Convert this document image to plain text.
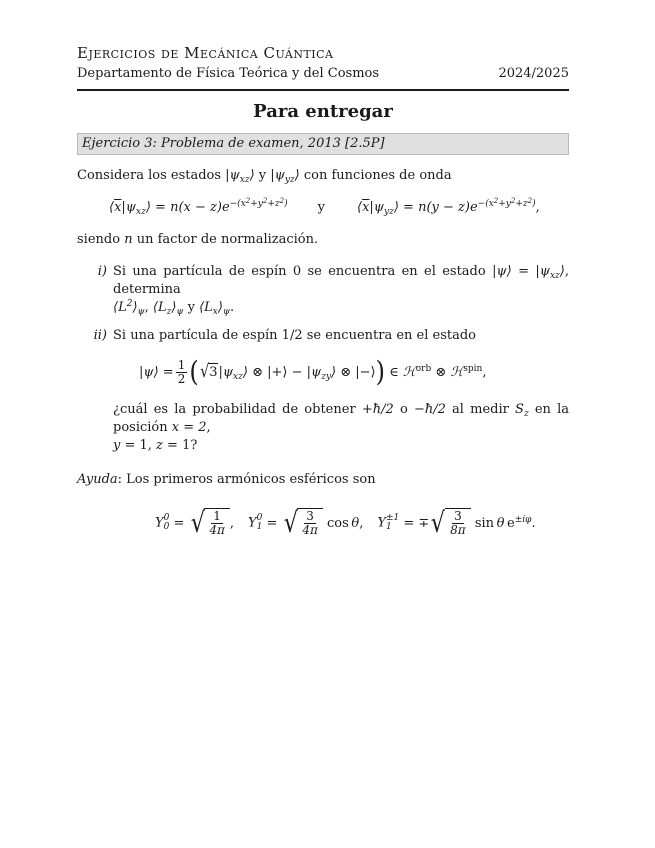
Ejercicios de Mecánica Cuántica
Departamento de Física Teórica y del Cosmos	2024/2025
Para entregar
Ejercicio 3: Problema de examen, 2013 [2.5P]
Considera los estados $|\psi_{xz}⟩$ y $|\psi_{yz}⟩$ con funciones de onda
$⟨\overline{x}|\psi_{xz}⟩ = n(x - z)e^{-(x^2+y^2+z^2)}$ y $⟨\overline{x}|\psi_{yz}⟩ = n(y - z)e^{-(x^2+y^2+z^2)}$,
siendo n un factor de normalización.
i) Si una partícula de espín 0 se encuentra en el estado |ψ⟩ = $|\psi_{xz}⟩$, determina
$⟨L^2⟩_\psi$, $⟨L_z⟩_\psi$ y $⟨L_x⟩_\psi$.
ii) Si una partícula de espín 1/2 se encuentra en el estado
|ψ⟩ = $\frac{1}{2}$ ( √ 3 $|\psi_{xz}⟩$ ⊗ |+⟩ − $|\psi_{zy}⟩$ ⊗ |−⟩ ) ∈ ℋ$^{orb}$ ⊗ ℋ$^{spin}$,
¿cuál es la probabilidad de obtener +ħ/2 o −ħ/2 al medir $S_z$ en la posición x = 2,
y = 1, z = 1?
Ayuda: Los primeros armónicos esféricos son
Y 0
0 = √ $\frac{1}{4\pi}$ , Y 0
1 = √ $\frac{3}{4\pi}$ cos θ, Y ±1
1 = ∓ √ $\frac{3}{8\pi}$ sin θ $e^{\pm i\varphi}$.
